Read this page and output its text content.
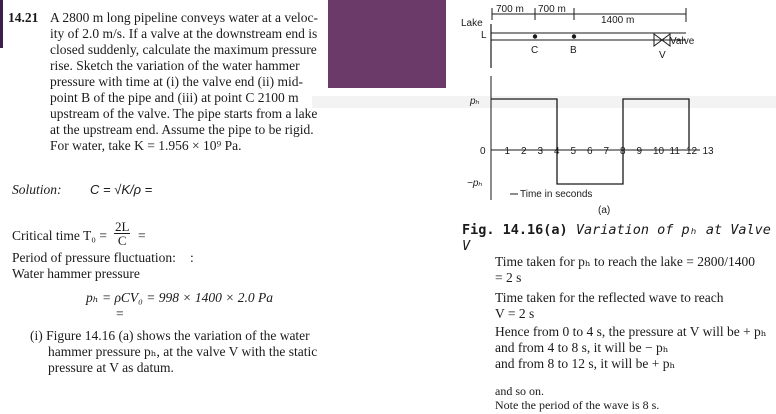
14.21 A 2800 m long pipeline conveys water at a veloc-
ity of 2.0 m/s. If a valve at the downstream end is
closed suddenly, calculate the maximum pressure
rise. Sketch the variation of the water hammer
pressure with time at (i) the valve end (ii) mid-
point B of the pipe and (iii) at point C 2100 m
upstream of the valve. The pipe starts from a lake
at the upstream end. Assume the pipe to be rigid.
For water, take K = 1.956 × 10⁹ Pa.
Solution: C = √K/ρ =
Critical time $T_0 = \frac{2L}{C}$ =
Period of pressure fluctuation: :
Water hammer pressure
pₕ = ρCV₀ = 998 × 1400 × 2.0 Pa
=
(i) Figure 14.16 (a) shows the variation of the water
hammer pressure pₕ, at the valve V with the static
pressure at V as datum.
700 m 700 m
1400 m
Lake
L
C	B
Valve
V
pₕ
−pₕ
0 1 2 3 4 5 6 7 8 9 10 11 12 13
Time in seconds
(a)
Fig. 14.16(a) Variation of pₕ at Valve V
Time taken for pₕ to reach the lake = 2800/1400
= 2 s
Time taken for the reflected wave to reach
V = 2 s
Hence from 0 to 4 s, the pressure at V will be + pₕ
and from 4 to 8 s, it will be − pₕ
and from 8 to 12 s, it will be + pₕ
and so on.
Note the period of the wave is 8 s.
